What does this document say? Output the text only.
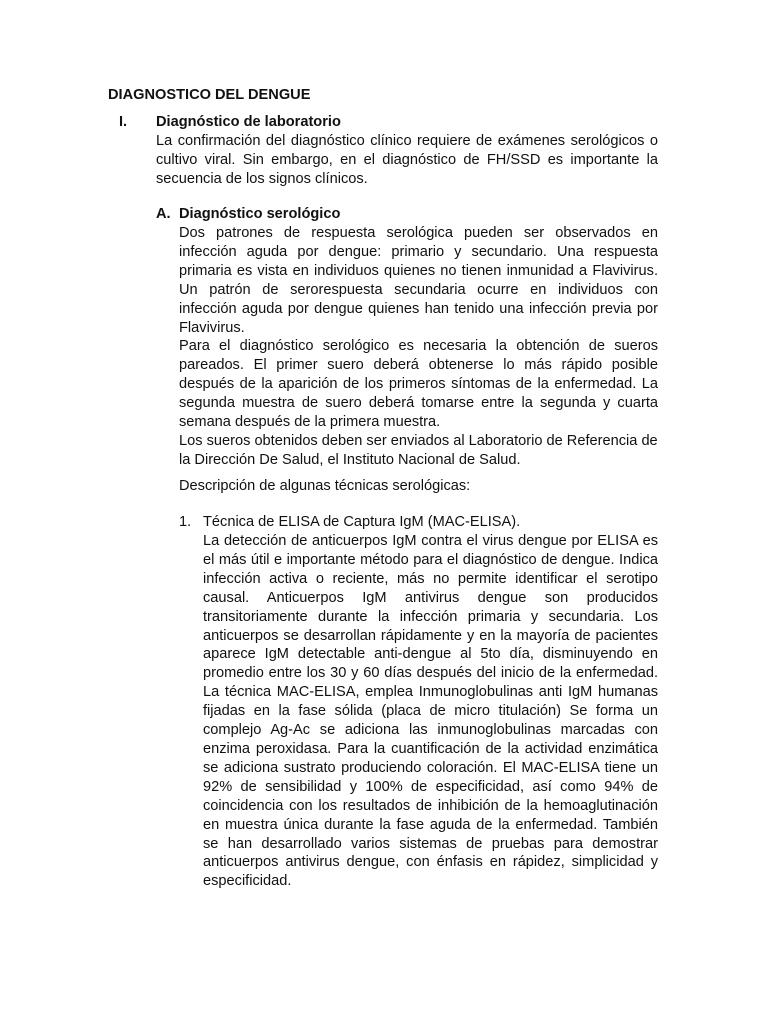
DIAGNOSTICO DEL DENGUE
I. Diagnóstico de laboratorio
La confirmación del diagnóstico clínico requiere de exámenes serológicos o cultivo viral. Sin embargo, en el diagnóstico de FH/SSD es importante la secuencia de los signos clínicos.
A. Diagnóstico serológico

Dos patrones de respuesta serológica pueden ser observados en infección aguda por dengue: primario y secundario. Una respuesta primaria es vista en individuos quienes no tienen inmunidad a Flavivirus. Un patrón de serorespuesta secundaria ocurre en individuos con infección aguda por dengue quienes han tenido una infección previa por Flavivirus.

Para el diagnóstico serológico es necesaria la obtención de sueros pareados. El primer suero deberá obtenerse lo más rápido posible después de la aparición de los primeros síntomas de la enfermedad. La segunda muestra de suero deberá tomarse entre la segunda y cuarta semana después de la primera muestra.

Los sueros obtenidos deben ser enviados al Laboratorio de Referencia de la Dirección De Salud, el Instituto Nacional de Salud.

Descripción de algunas técnicas serológicas:
1. Técnica de ELISA de Captura IgM (MAC-ELISA).
La detección de anticuerpos IgM contra el virus dengue por ELISA es el más útil e importante método para el diagnóstico de dengue. Indica infección activa o reciente, más no permite identificar el serotipo causal. Anticuerpos IgM antivirus dengue son producidos transitoriamente durante la infección primaria y secundaria. Los anticuerpos se desarrollan rápidamente y en la mayoría de pacientes aparece IgM detectable anti-dengue al 5to día, disminuyendo en promedio entre los 30 y 60 días después del inicio de la enfermedad. La técnica MAC-ELISA, emplea Inmunoglobulinas anti IgM humanas fijadas en la fase sólida (placa de micro titulación) Se forma un complejo Ag-Ac se adiciona las inmunoglobulinas marcadas con enzima peroxidasa. Para la cuantificación de la actividad enzimática se adiciona sustrato produciendo coloración. El MAC-ELISA tiene un 92% de sensibilidad y 100% de especificidad, así como 94% de coincidencia con los resultados de inhibición de la hemoaglutinación en muestra única durante la fase aguda de la enfermedad. También se han desarrollado varios sistemas de pruebas para demostrar anticuerpos antivirus dengue, con énfasis en rápidez, simplicidad y especificidad.
